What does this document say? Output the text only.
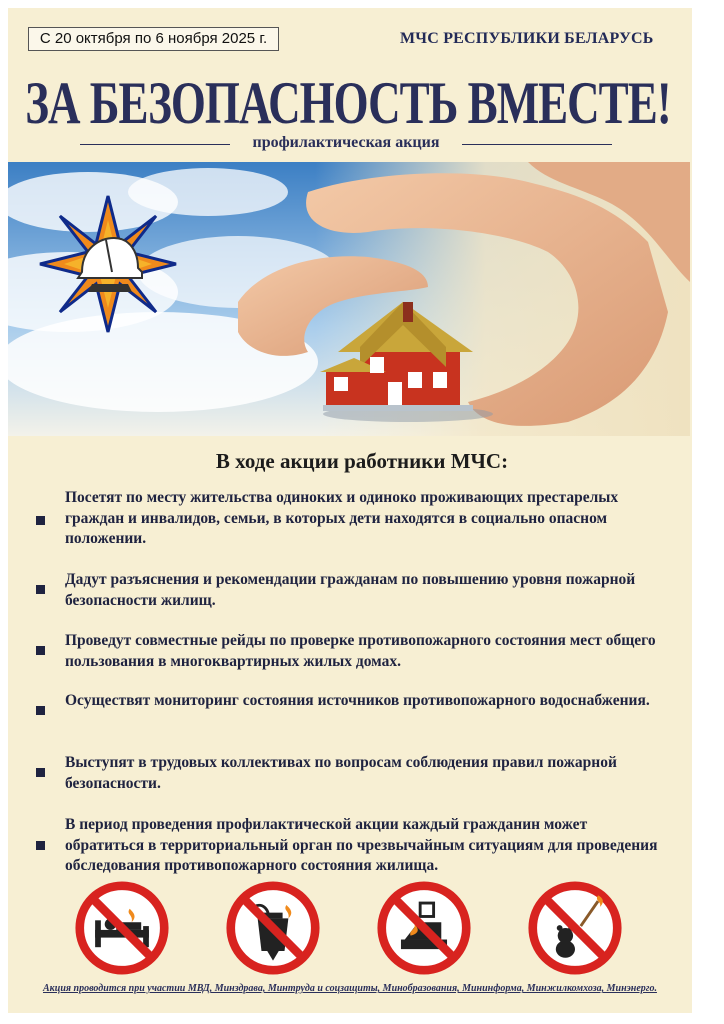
С 20 октября по 6 ноября 2025 г.	МЧС РЕСПУБЛИКИ БЕЛАРУСЬ
ЗА БЕЗОПАСНОСТЬ ВМЕСТЕ!
профилактическая акция
В ходе акции работники МЧС:
Посетят по месту жительства одиноких и одиноко проживающих престарелых граждан и инвалидов, семьи, в которых дети находятся в социально опасном положении.
Дадут разъяснения и рекомендации гражданам по повышению уровня пожарной безопасности жилищ.
Проведут совместные рейды по проверке противопожарного состояния мест общего пользования в многоквартирных жилых домах.
Осуществят мониторинг состояния источников противопожарного водоснабжения.
Выступят в трудовых коллективах по вопросам соблюдения правил пожарной безопасности.
В период проведения профилактической акции каждый гражданин может обратиться в территориальный орган по чрезвычайным ситуациям для проведения обследования противопожарного состояния жилища.
Акция проводится при участии МВД, Минздрава, Минтруда и соцзащиты, Минобразования, Мининформа, Минжилкомхоза, Минэнерго.
